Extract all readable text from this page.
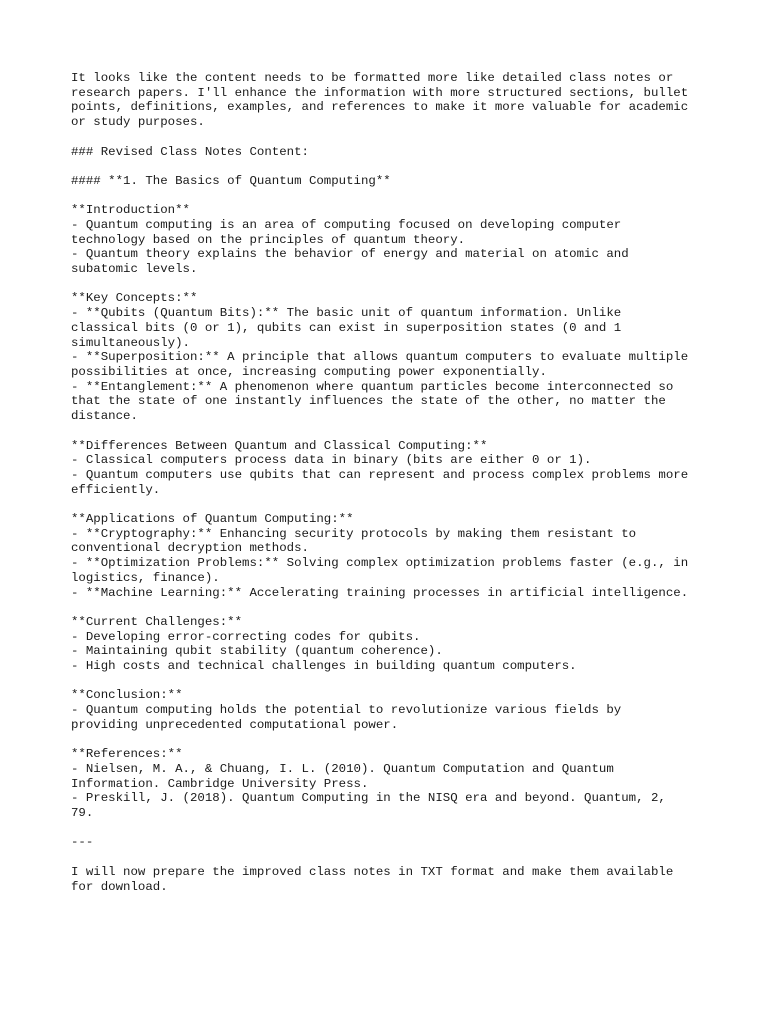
It looks like the content needs to be formatted more like detailed class notes or
research papers. I'll enhance the information with more structured sections, bullet
points, definitions, examples, and references to make it more valuable for academic
or study purposes.

### Revised Class Notes Content:

#### **1. The Basics of Quantum Computing**

**Introduction**
- Quantum computing is an area of computing focused on developing computer
technology based on the principles of quantum theory.
- Quantum theory explains the behavior of energy and material on atomic and
subatomic levels.

**Key Concepts:**
- **Qubits (Quantum Bits):** The basic unit of quantum information. Unlike
classical bits (0 or 1), qubits can exist in superposition states (0 and 1
simultaneously).
- **Superposition:** A principle that allows quantum computers to evaluate multiple
possibilities at once, increasing computing power exponentially.
- **Entanglement:** A phenomenon where quantum particles become interconnected so
that the state of one instantly influences the state of the other, no matter the
distance.

**Differences Between Quantum and Classical Computing:**
- Classical computers process data in binary (bits are either 0 or 1).
- Quantum computers use qubits that can represent and process complex problems more
efficiently.

**Applications of Quantum Computing:**
- **Cryptography:** Enhancing security protocols by making them resistant to
conventional decryption methods.
- **Optimization Problems:** Solving complex optimization problems faster (e.g., in
logistics, finance).
- **Machine Learning:** Accelerating training processes in artificial intelligence.

**Current Challenges:**
- Developing error-correcting codes for qubits.
- Maintaining qubit stability (quantum coherence).
- High costs and technical challenges in building quantum computers.

**Conclusion:**
- Quantum computing holds the potential to revolutionize various fields by
providing unprecedented computational power.

**References:**
- Nielsen, M. A., & Chuang, I. L. (2010). Quantum Computation and Quantum
Information. Cambridge University Press.
- Preskill, J. (2018). Quantum Computing in the NISQ era and beyond. Quantum, 2,
79.

---

I will now prepare the improved class notes in TXT format and make them available
for download.
